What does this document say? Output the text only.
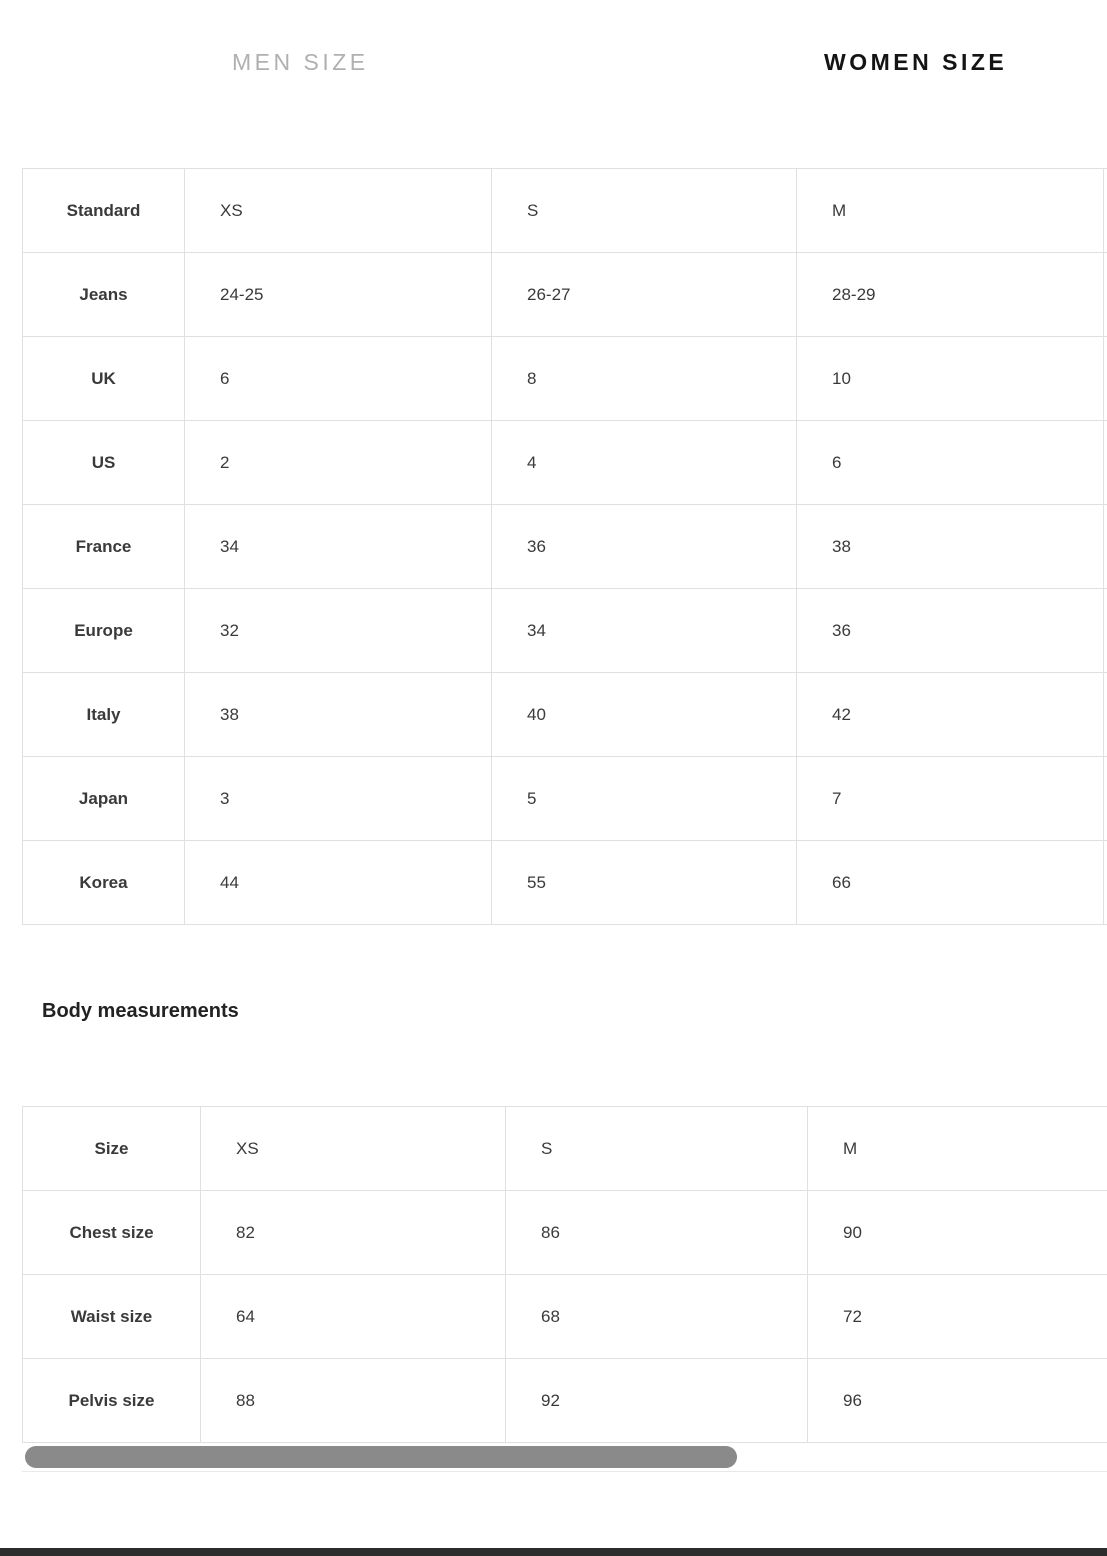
MEN SIZE	WOMEN SIZE
Standard	XS	S	M	
Jeans	24-25	26-27	28-29	
UK	6	8	10	
US	2	4	6	
France	34	36	38	
Europe	32	34	36	
Italy	38	40	42	
Japan	3	5	7	
Korea	44	55	66	
Body measurements
Size	XS	S	M	
Chest size	82	86	90	
Waist size	64	68	72	
Pelvis size	88	92	96	
